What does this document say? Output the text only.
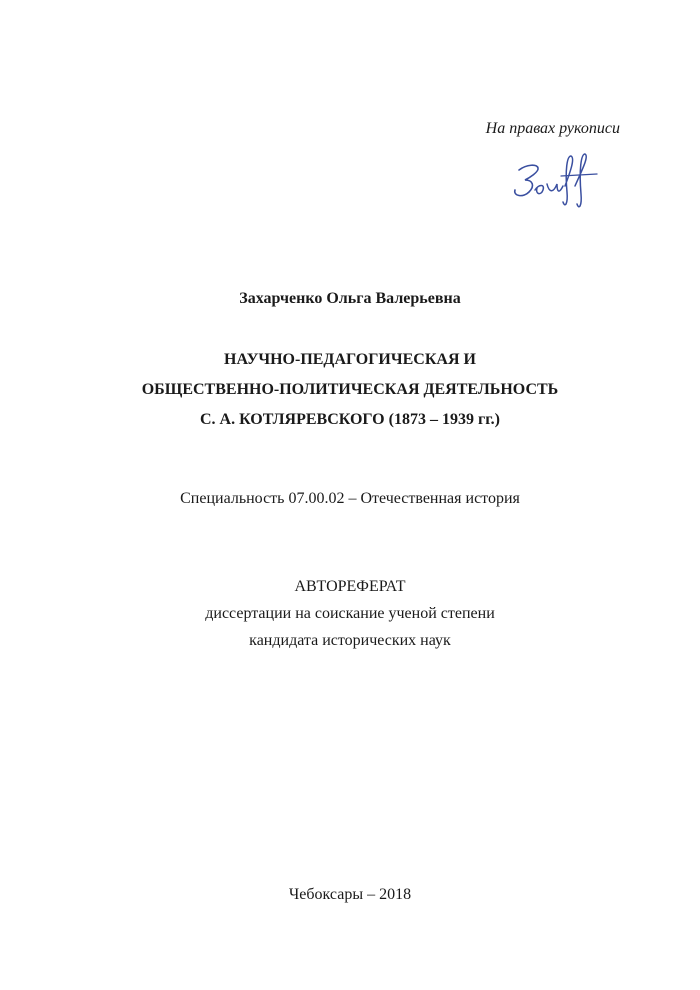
На правах рукописи
Захарченко Ольга Валерьевна
НАУЧНО-ПЕДАГОГИЧЕСКАЯ И
ОБЩЕСТВЕННО-ПОЛИТИЧЕСКАЯ ДЕЯТЕЛЬНОСТЬ
С. А. КОТЛЯРЕВСКОГО (1873 – 1939 гг.)
Специальность 07.00.02 – Отечественная история
АВТОРЕФЕРАТ
диссертации на соискание ученой степени
кандидата исторических наук
Чебоксары – 2018
